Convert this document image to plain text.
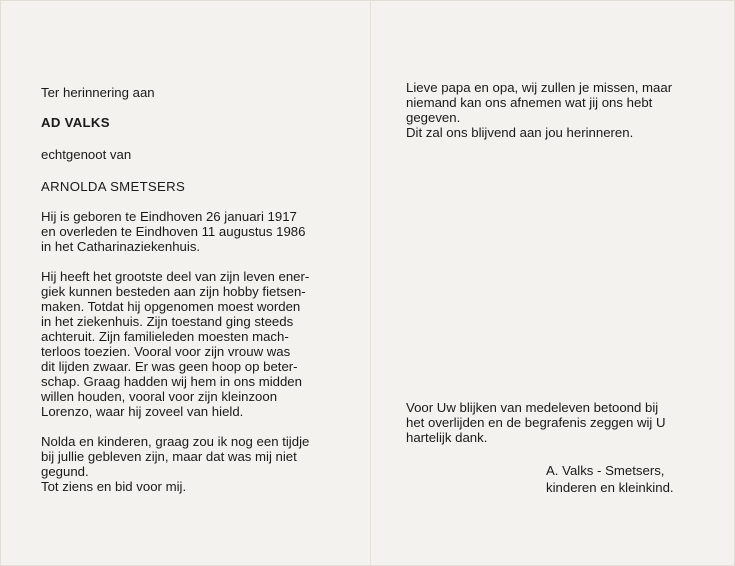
Ter herinnering aan
AD VALKS
echtgenoot van
ARNOLDA SMETSERS
Hij is geboren te Eindhoven 26 januari 1917
en overleden te Eindhoven 11 augustus 1986
in het Catharinaziekenhuis.
Hij heeft het grootste deel van zijn leven ener-
giek kunnen besteden aan zijn hobby fietsen-
maken. Totdat hij opgenomen moest worden
in het ziekenhuis. Zijn toestand ging steeds
achteruit. Zijn familieleden moesten mach-
terloos toezien. Vooral voor zijn vrouw was
dit lijden zwaar. Er was geen hoop op beter-
schap. Graag hadden wij hem in ons midden
willen houden, vooral voor zijn kleinzoon
Lorenzo, waar hij zoveel van hield.
Nolda en kinderen, graag zou ik nog een tijdje
bij jullie gebleven zijn, maar dat was mij niet
gegund.
Tot ziens en bid voor mij.
Lieve papa en opa, wij zullen je missen, maar
niemand kan ons afnemen wat jij ons hebt
gegeven.
Dit zal ons blijvend aan jou herinneren.
Voor Uw blijken van medeleven betoond bij
het overlijden en de begrafenis zeggen wij U
hartelijk dank.
A. Valks - Smetsers,
kinderen en kleinkind.
